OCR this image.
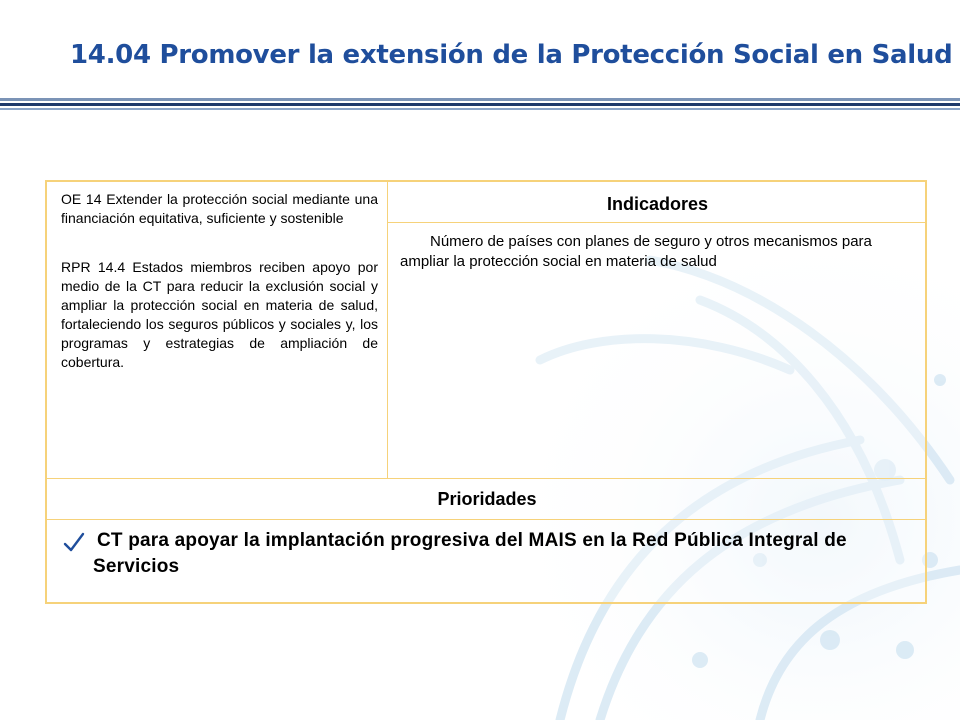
14.04 Promover la extensión de la Protección Social en Salud

OE 14 Extender la protección social mediante una financiación equitativa, suficiente y sostenible

RPR 14.4 Estados miembros reciben apoyo por medio de la CT para reducir la exclusión social y ampliar la protección social en materia de salud, fortaleciendo los seguros públicos y sociales y, los programas y estrategias de ampliación de cobertura.

Indicadores
Número de países con planes de seguro y otros mecanismos para ampliar la protección social en materia de salud
Prioridades
CT para apoyar la implantación progresiva del MAIS en la Red Pública Integral de Servicios
